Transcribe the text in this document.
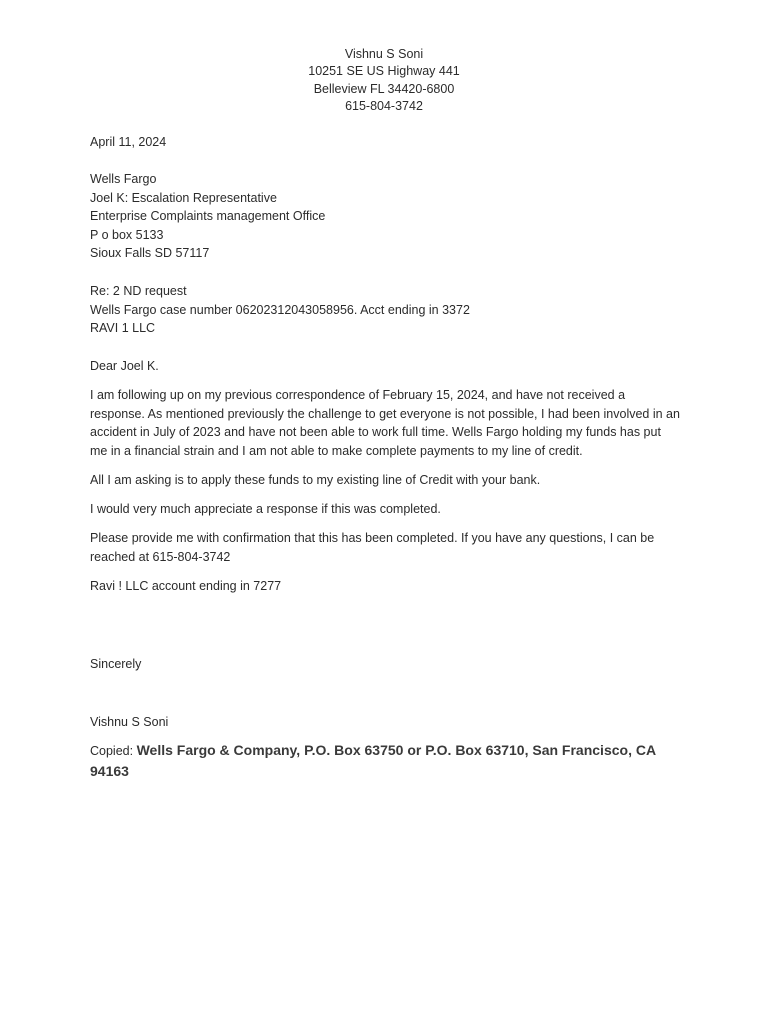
Vishnu S Soni
10251 SE US Highway 441
Belleview FL 34420-6800
615-804-3742
April 11, 2024
Wells Fargo
Joel K: Escalation Representative
Enterprise Complaints management Office
P o box 5133
Sioux Falls SD 57117
Re: 2 ND request
Wells Fargo case number 06202312043058956. Acct ending in 3372
RAVI 1 LLC
Dear Joel K.

I am following up on my previous correspondence of February 15, 2024, and have not received a response. As mentioned previously the challenge to get everyone is not possible, I had been involved in an accident in July of 2023 and have not been able to work full time. Wells Fargo holding my funds has put me in a financial strain and I am not able to make complete payments to my line of credit.

All I am asking is to apply these funds to my existing line of Credit with your bank.

I would very much appreciate a response if this was completed.

Please provide me with confirmation that this has been completed. If you have any questions, I can be reached at 615-804-3742

Ravi ! LLC account ending in 7277

Sincerely
Vishnu S Soni
Copied: Wells Fargo & Company, P.O. Box 63750 or P.O. Box 63710, San Francisco, CA 94163
